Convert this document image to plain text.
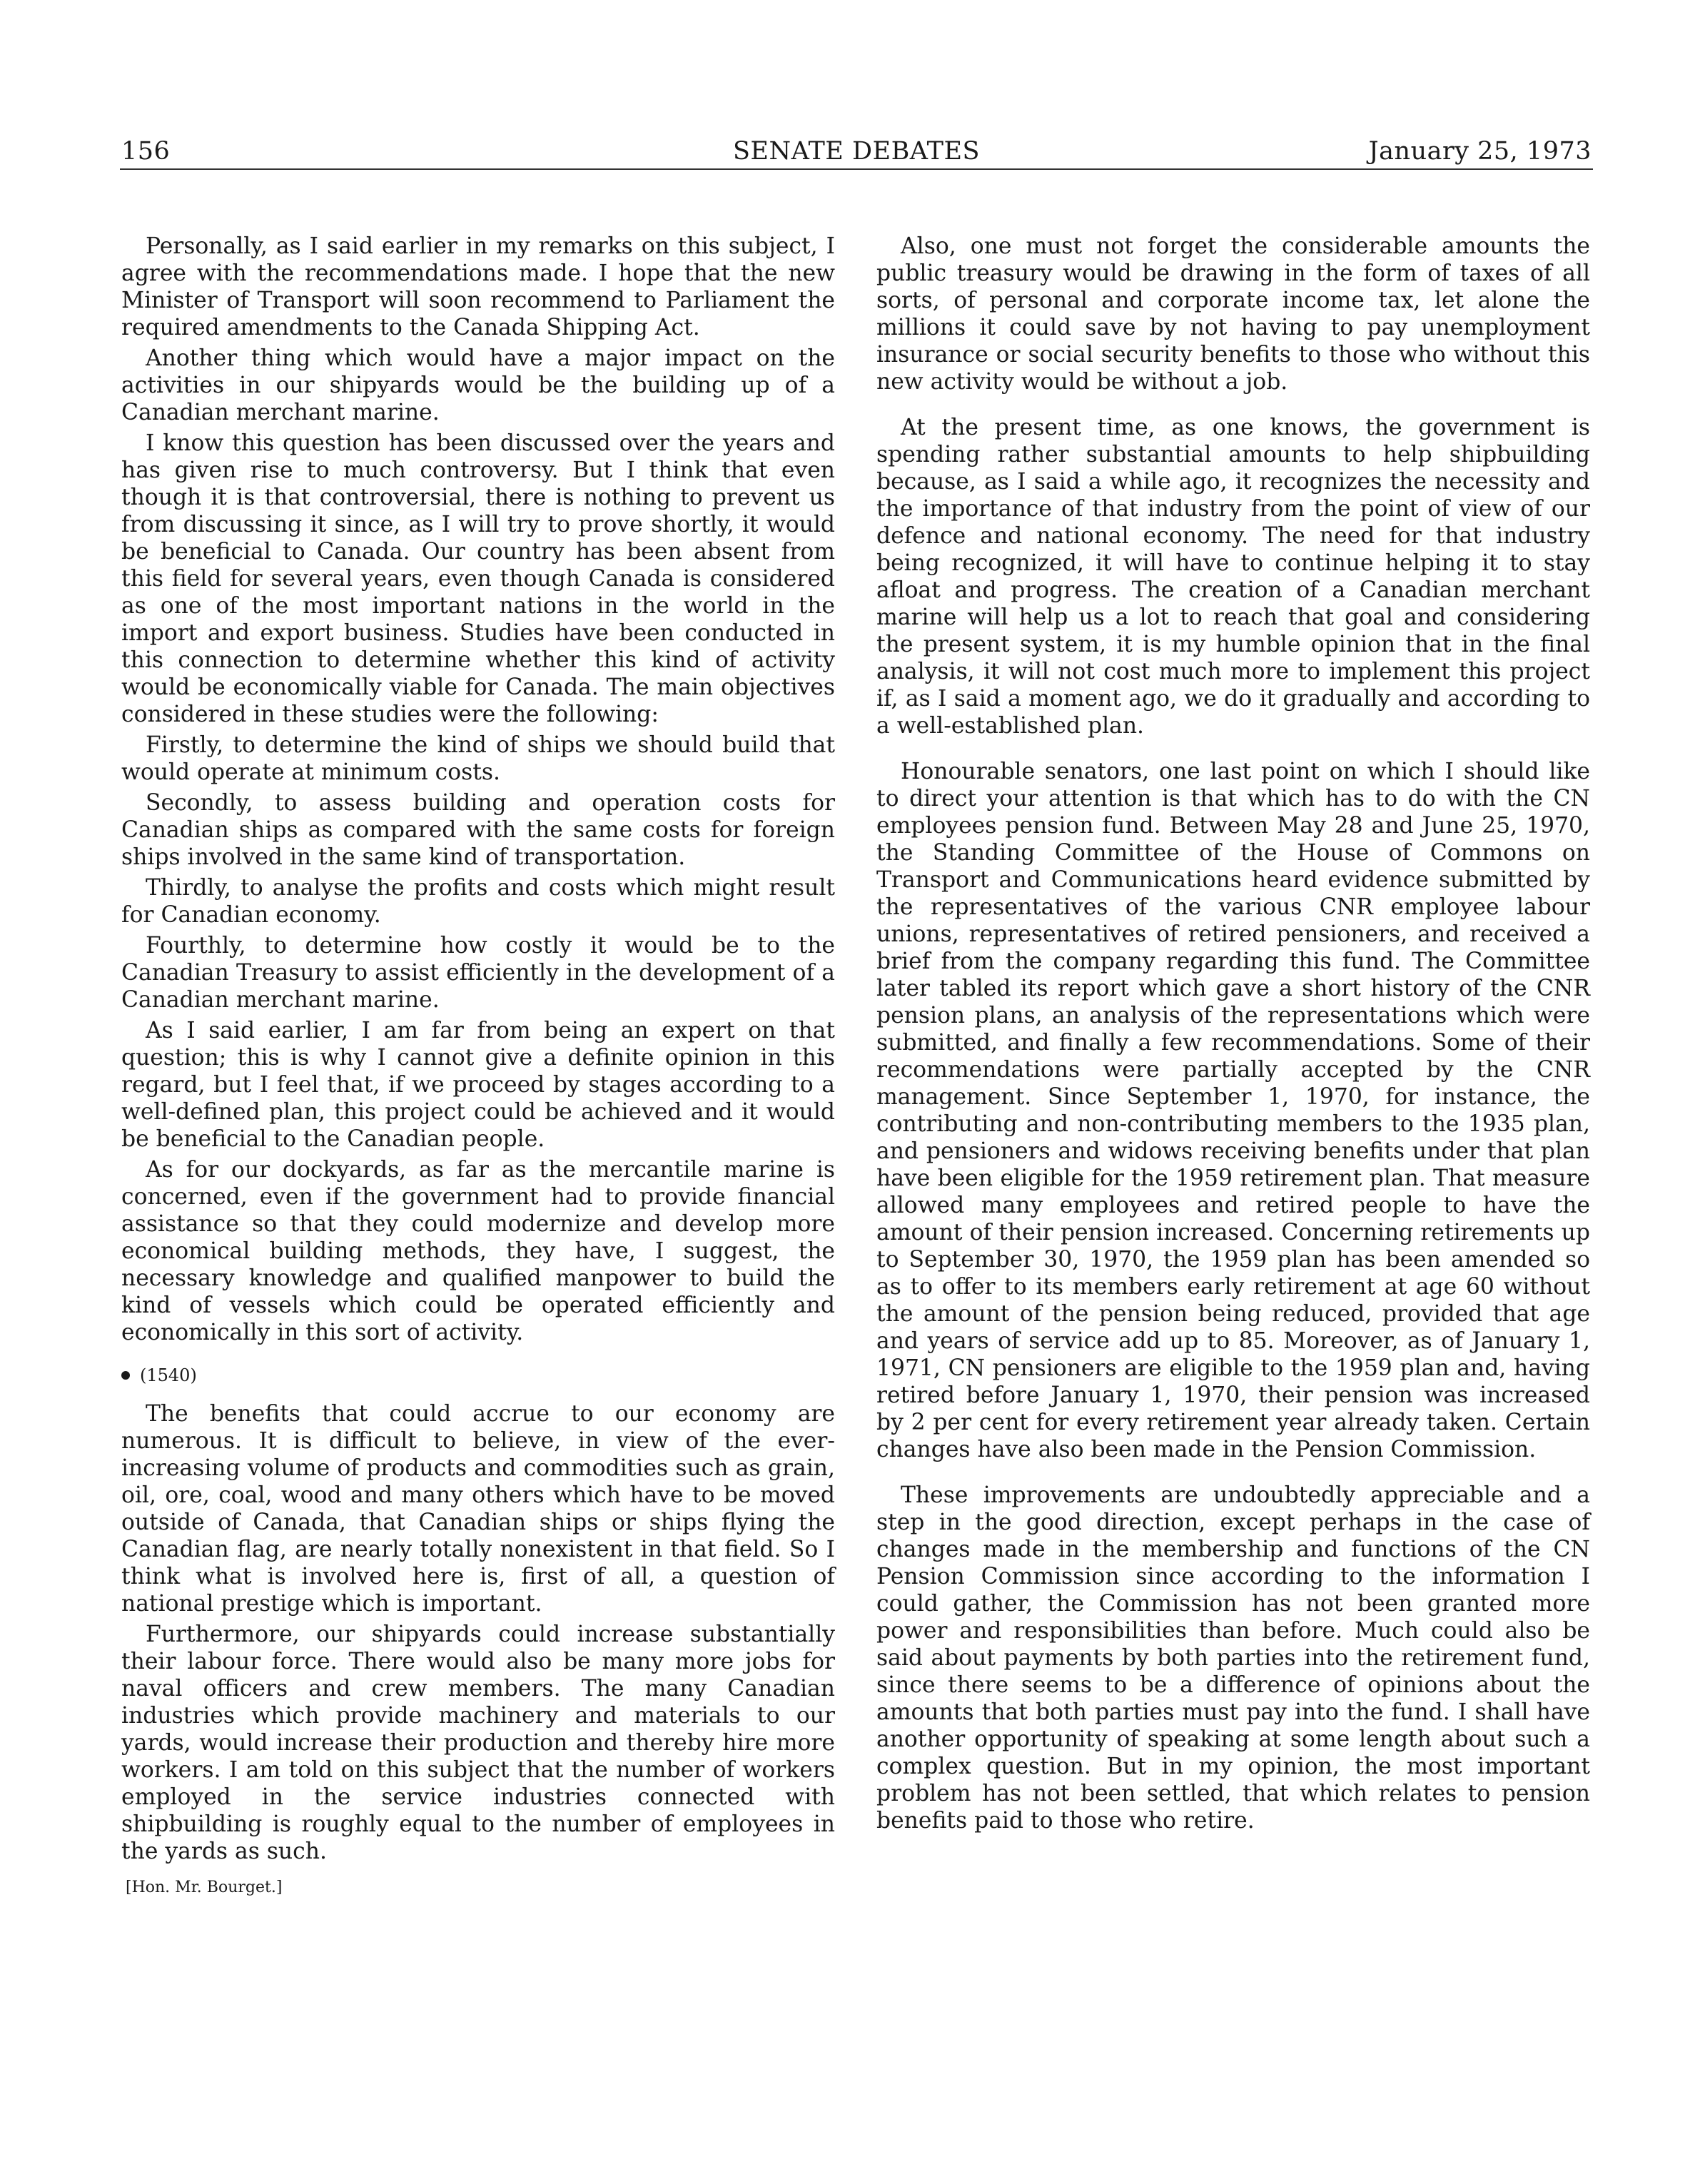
156	SENATE DEBATES	January 25, 1973

Personally, as I said earlier in my remarks on this subject, I agree with the recommendations made. I hope that the new Minister of Transport will soon recommend to Parliament the required amendments to the Canada Shipping Act.

Another thing which would have a major impact on the activities in our shipyards would be the building up of a Canadian merchant marine.

I know this question has been discussed over the years and has given rise to much controversy. But I think that even though it is that controversial, there is nothing to prevent us from discussing it since, as I will try to prove shortly, it would be beneficial to Canada. Our country has been absent from this field for several years, even though Canada is considered as one of the most important nations in the world in the import and export business. Studies have been conducted in this connection to determine whether this kind of activity would be economically viable for Canada. The main objectives considered in these studies were the following:

Firstly, to determine the kind of ships we should build that would operate at minimum costs.

Secondly, to assess building and operation costs for Canadian ships as compared with the same costs for foreign ships involved in the same kind of transportation.

Thirdly, to analyse the profits and costs which might result for Canadian economy.

Fourthly, to determine how costly it would be to the Canadian Treasury to assist efficiently in the development of a Canadian merchant marine.

As I said earlier, I am far from being an expert on that question; this is why I cannot give a definite opinion in this regard, but I feel that, if we proceed by stages according to a well-defined plan, this project could be achieved and it would be beneficial to the Canadian people.

As for our dockyards, as far as the mercantile marine is concerned, even if the government had to provide financial assistance so that they could modernize and develop more economical building methods, they have, I suggest, the necessary knowledge and qualified manpower to build the kind of vessels which could be operated efficiently and economically in this sort of activity.

(1540)

The benefits that could accrue to our economy are numerous. It is difficult to believe, in view of the ever-increasing volume of products and commodities such as grain, oil, ore, coal, wood and many others which have to be moved outside of Canada, that Canadian ships or ships flying the Canadian flag, are nearly totally nonexistent in that field. So I think what is involved here is, first of all, a question of national prestige which is important.

Furthermore, our shipyards could increase substantially their labour force. There would also be many more jobs for naval officers and crew members. The many Canadian industries which provide machinery and materials to our yards, would increase their production and thereby hire more workers. I am told on this subject that the number of workers employed in the service industries connected with shipbuilding is roughly equal to the number of employees in the yards as such.

[Hon. Mr. Bourget.]

Also, one must not forget the considerable amounts the public treasury would be drawing in the form of taxes of all sorts, of personal and corporate income tax, let alone the millions it could save by not having to pay unemployment insurance or social security benefits to those who without this new activity would be without a job.

At the present time, as one knows, the government is spending rather substantial amounts to help shipbuilding because, as I said a while ago, it recognizes the necessity and the importance of that industry from the point of view of our defence and national economy. The need for that industry being recognized, it will have to continue helping it to stay afloat and progress. The creation of a Canadian merchant marine will help us a lot to reach that goal and considering the present system, it is my humble opinion that in the final analysis, it will not cost much more to implement this project if, as I said a moment ago, we do it gradually and according to a well-established plan.

Honourable senators, one last point on which I should like to direct your attention is that which has to do with the CN employees pension fund. Between May 28 and June 25, 1970, the Standing Committee of the House of Commons on Transport and Communications heard evidence submitted by the representatives of the various CNR employee labour unions, representatives of retired pensioners, and received a brief from the company regarding this fund. The Committee later tabled its report which gave a short history of the CNR pension plans, an analysis of the representations which were submitted, and finally a few recommendations. Some of their recommendations were partially accepted by the CNR management. Since September 1, 1970, for instance, the contributing and non-contributing members to the 1935 plan, and pensioners and widows receiving benefits under that plan have been eligible for the 1959 retirement plan. That measure allowed many employees and retired people to have the amount of their pension increased. Concerning retirements up to September 30, 1970, the 1959 plan has been amended so as to offer to its members early retirement at age 60 without the amount of the pension being reduced, provided that age and years of service add up to 85. Moreover, as of January 1, 1971, CN pensioners are eligible to the 1959 plan and, having retired before January 1, 1970, their pension was increased by 2 per cent for every retirement year already taken. Certain changes have also been made in the Pension Commission.

These improvements are undoubtedly appreciable and a step in the good direction, except perhaps in the case of changes made in the membership and functions of the CN Pension Commission since according to the information I could gather, the Commission has not been granted more power and responsibilities than before. Much could also be said about payments by both parties into the retirement fund, since there seems to be a difference of opinions about the amounts that both parties must pay into the fund. I shall have another opportunity of speaking at some length about such a complex question. But in my opinion, the most important problem has not been settled, that which relates to pension benefits paid to those who retire.
